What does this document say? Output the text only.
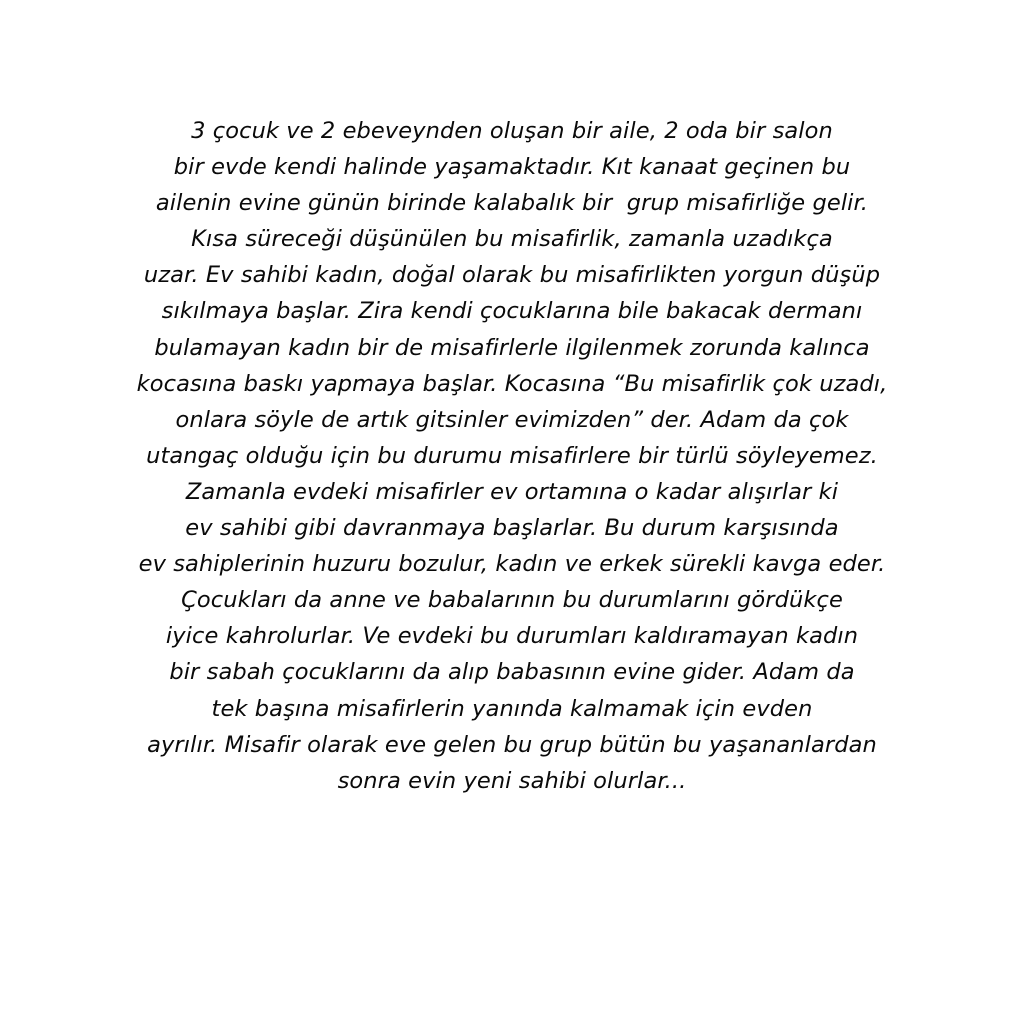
3 çocuk ve 2 ebeveynden oluşan bir aile, 2 oda bir salon
bir evde kendi halinde yaşamaktadır. Kıt kanaat geçinen bu
ailenin evine günün birinde kalabalık bir  grup misafirliğe gelir.
Kısa süreceği düşünülen bu misafirlik, zamanla uzadıkça
uzar. Ev sahibi kadın, doğal olarak bu misafirlikten yorgun düşüp
sıkılmaya başlar. Zira kendi çocuklarına bile bakacak dermanı
bulamayan kadın bir de misafirlerle ilgilenmek zorunda kalınca
kocasına baskı yapmaya başlar. Kocasına “Bu misafirlik çok uzadı,
onlara söyle de artık gitsinler evimizden” der. Adam da çok
utangaç olduğu için bu durumu misafirlere bir türlü söyleyemez.
Zamanla evdeki misafirler ev ortamına o kadar alışırlar ki
ev sahibi gibi davranmaya başlarlar. Bu durum karşısında
ev sahiplerinin huzuru bozulur, kadın ve erkek sürekli kavga eder.
Çocukları da anne ve babalarının bu durumlarını gördükçe
iyice kahrolurlar. Ve evdeki bu durumları kaldıramayan kadın
bir sabah çocuklarını da alıp babasının evine gider. Adam da
tek başına misafirlerin yanında kalmamak için evden
ayrılır. Misafir olarak eve gelen bu grup bütün bu yaşananlardan
sonra evin yeni sahibi olurlar...
